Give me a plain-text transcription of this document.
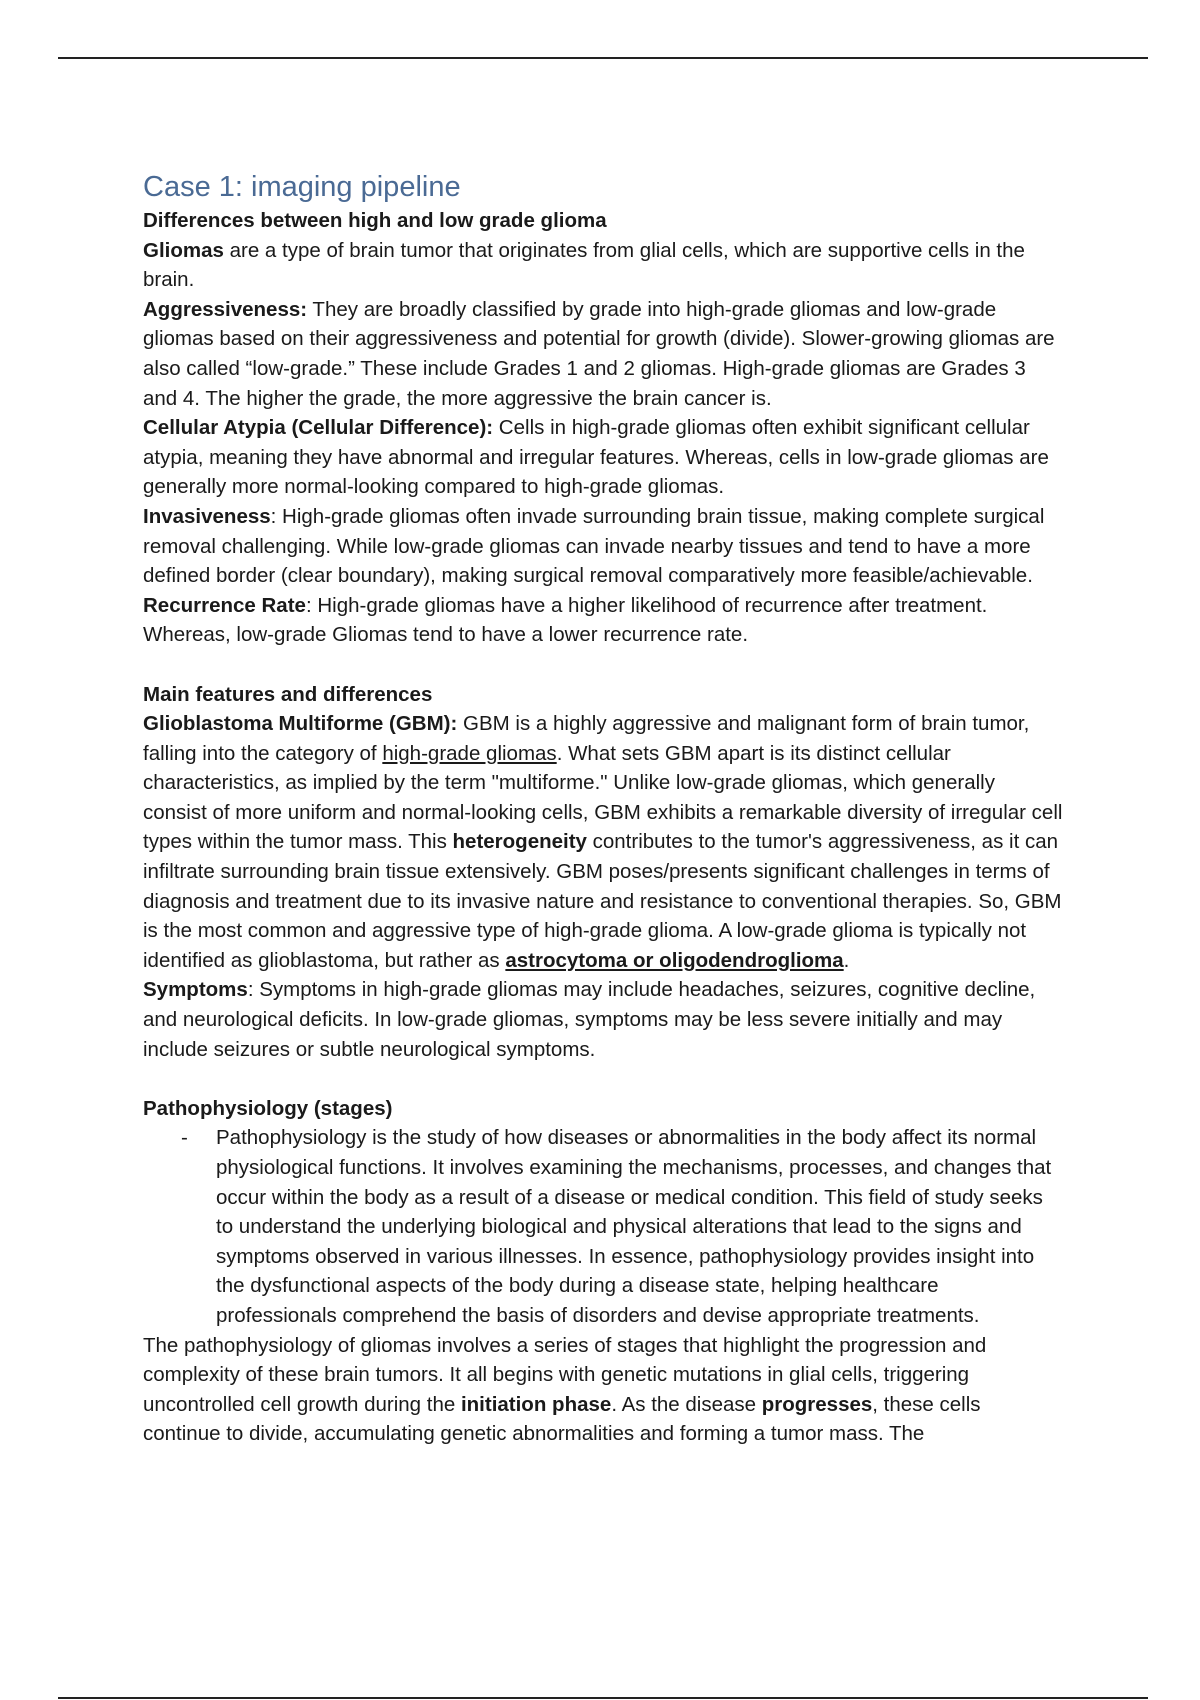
Case 1: imaging pipeline

Differences between high and low grade glioma

Gliomas are a type of brain tumor that originates from glial cells, which are supportive cells in the brain.

Aggressiveness: They are broadly classified by grade into high-grade gliomas and low-grade gliomas based on their aggressiveness and potential for growth (divide). Slower-growing gliomas are also called “low-grade.” These include Grades 1 and 2 gliomas. High-grade gliomas are Grades 3 and 4. The higher the grade, the more aggressive the brain cancer is.

Cellular Atypia (Cellular Difference): Cells in high-grade gliomas often exhibit significant cellular atypia, meaning they have abnormal and irregular features. Whereas, cells in low-grade gliomas are generally more normal-looking compared to high-grade gliomas.

Invasiveness: High-grade gliomas often invade surrounding brain tissue, making complete surgical removal challenging. While low-grade gliomas can invade nearby tissues and tend to have a more defined border (clear boundary), making surgical removal comparatively more feasible/achievable.

Recurrence Rate: High-grade gliomas have a higher likelihood of recurrence after treatment. Whereas, low-grade Gliomas tend to have a lower recurrence rate.

Main features and differences

Glioblastoma Multiforme (GBM): GBM is a highly aggressive and malignant form of brain tumor, falling into the category of high-grade gliomas. What sets GBM apart is its distinct cellular characteristics, as implied by the term "multiforme." Unlike low-grade gliomas, which generally consist of more uniform and normal-looking cells, GBM exhibits a remarkable diversity of irregular cell types within the tumor mass. This heterogeneity contributes to the tumor's aggressiveness, as it can infiltrate surrounding brain tissue extensively. GBM poses/presents significant challenges in terms of diagnosis and treatment due to its invasive nature and resistance to conventional therapies. So, GBM is the most common and aggressive type of high-grade glioma. A low-grade glioma is typically not identified as glioblastoma, but rather as astrocytoma or oligodendroglioma.

Symptoms: Symptoms in high-grade gliomas may include headaches, seizures, cognitive decline, and neurological deficits. In low-grade gliomas, symptoms may be less severe initially and may include seizures or subtle neurological symptoms.

Pathophysiology (stages)

- Pathophysiology is the study of how diseases or abnormalities in the body affect its normal physiological functions. It involves examining the mechanisms, processes, and changes that occur within the body as a result of a disease or medical condition. This field of study seeks to understand the underlying biological and physical alterations that lead to the signs and symptoms observed in various illnesses. In essence, pathophysiology provides insight into the dysfunctional aspects of the body during a disease state, helping healthcare professionals comprehend the basis of disorders and devise appropriate treatments.

The pathophysiology of gliomas involves a series of stages that highlight the progression and complexity of these brain tumors. It all begins with genetic mutations in glial cells, triggering uncontrolled cell growth during the initiation phase. As the disease progresses, these cells continue to divide, accumulating genetic abnormalities and forming a tumor mass. The
